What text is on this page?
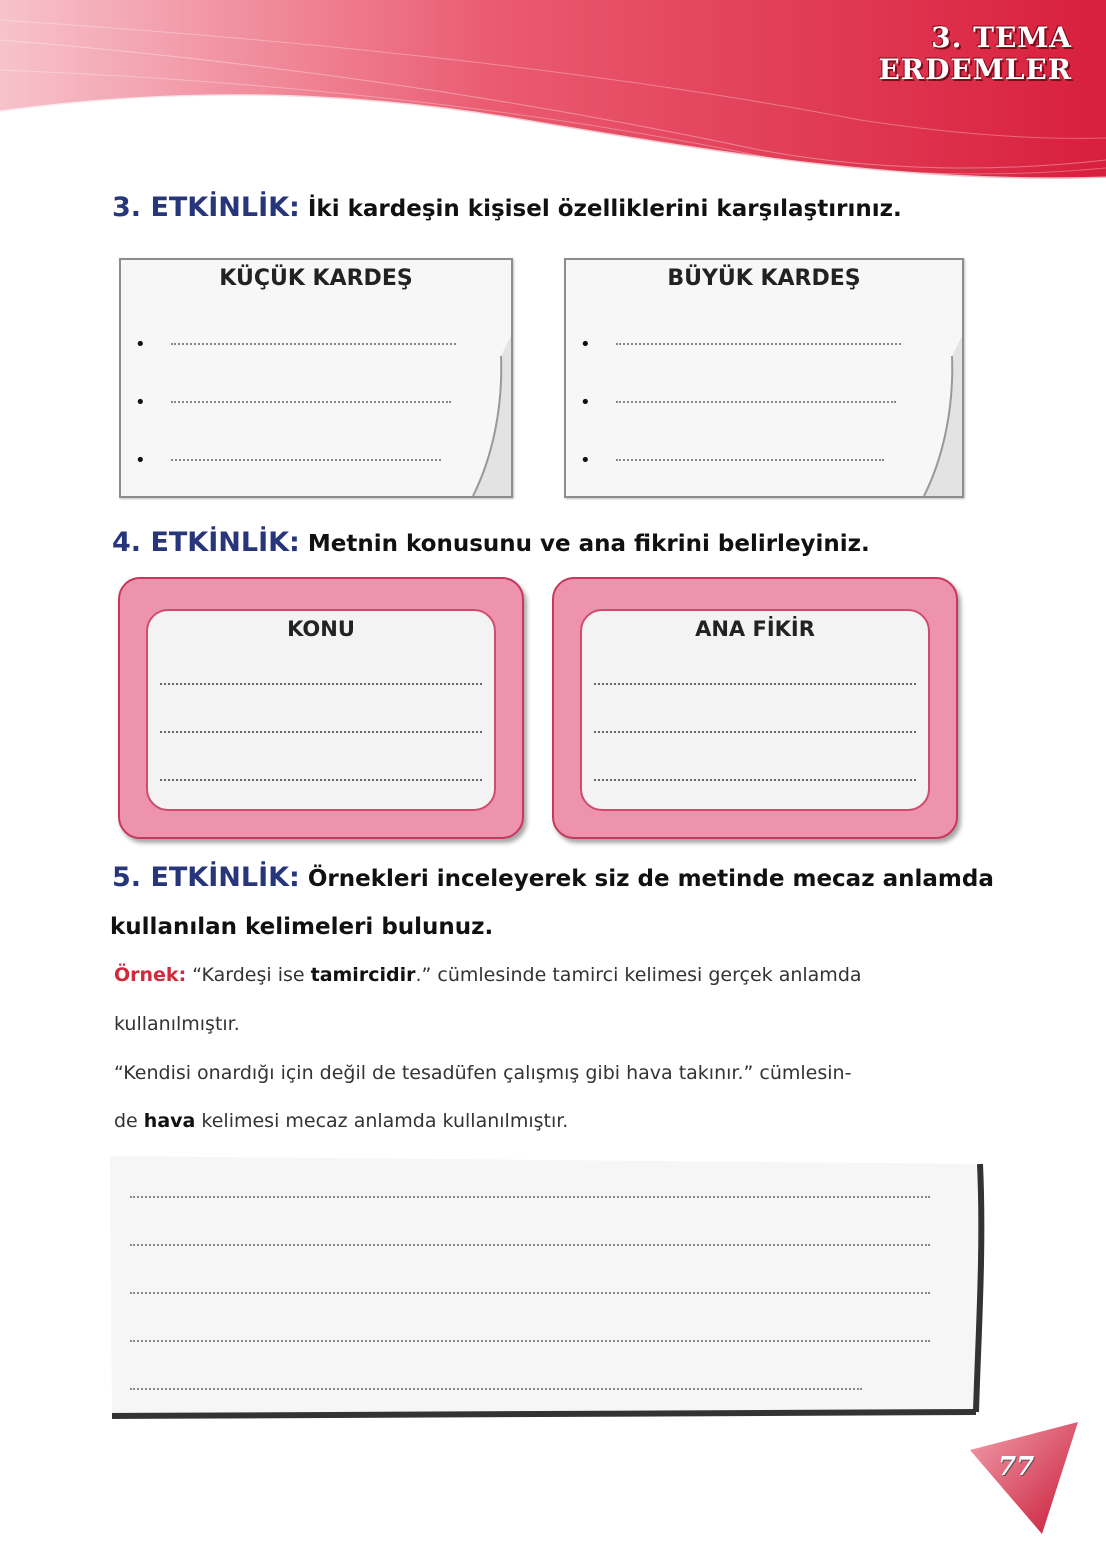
3. TEMA
ERDEMLER
3. ETKİNLİK: İki kardeşin kişisel özelliklerini karşılaştırınız.
KÜÇÜK KARDEŞ
•
•
•
BÜYÜK KARDEŞ
•
•
•
4. ETKİNLİK: Metnin konusunu ve ana fikrini belirleyiniz.
KONU	ANA FİKİR
5. ETKİNLİK: Örnekleri inceleyerek siz de metinde mecaz anlamda
kullanılan kelimeleri bulunuz.
Örnek: “Kardeşi ise tamircidir.” cümlesinde tamirci kelimesi gerçek anlamda
kullanılmıştır.
“Kendisi onardığı için değil de tesadüfen çalışmış gibi hava takınır.” cümlesin-
de hava kelimesi mecaz anlamda kullanılmıştır.
77
